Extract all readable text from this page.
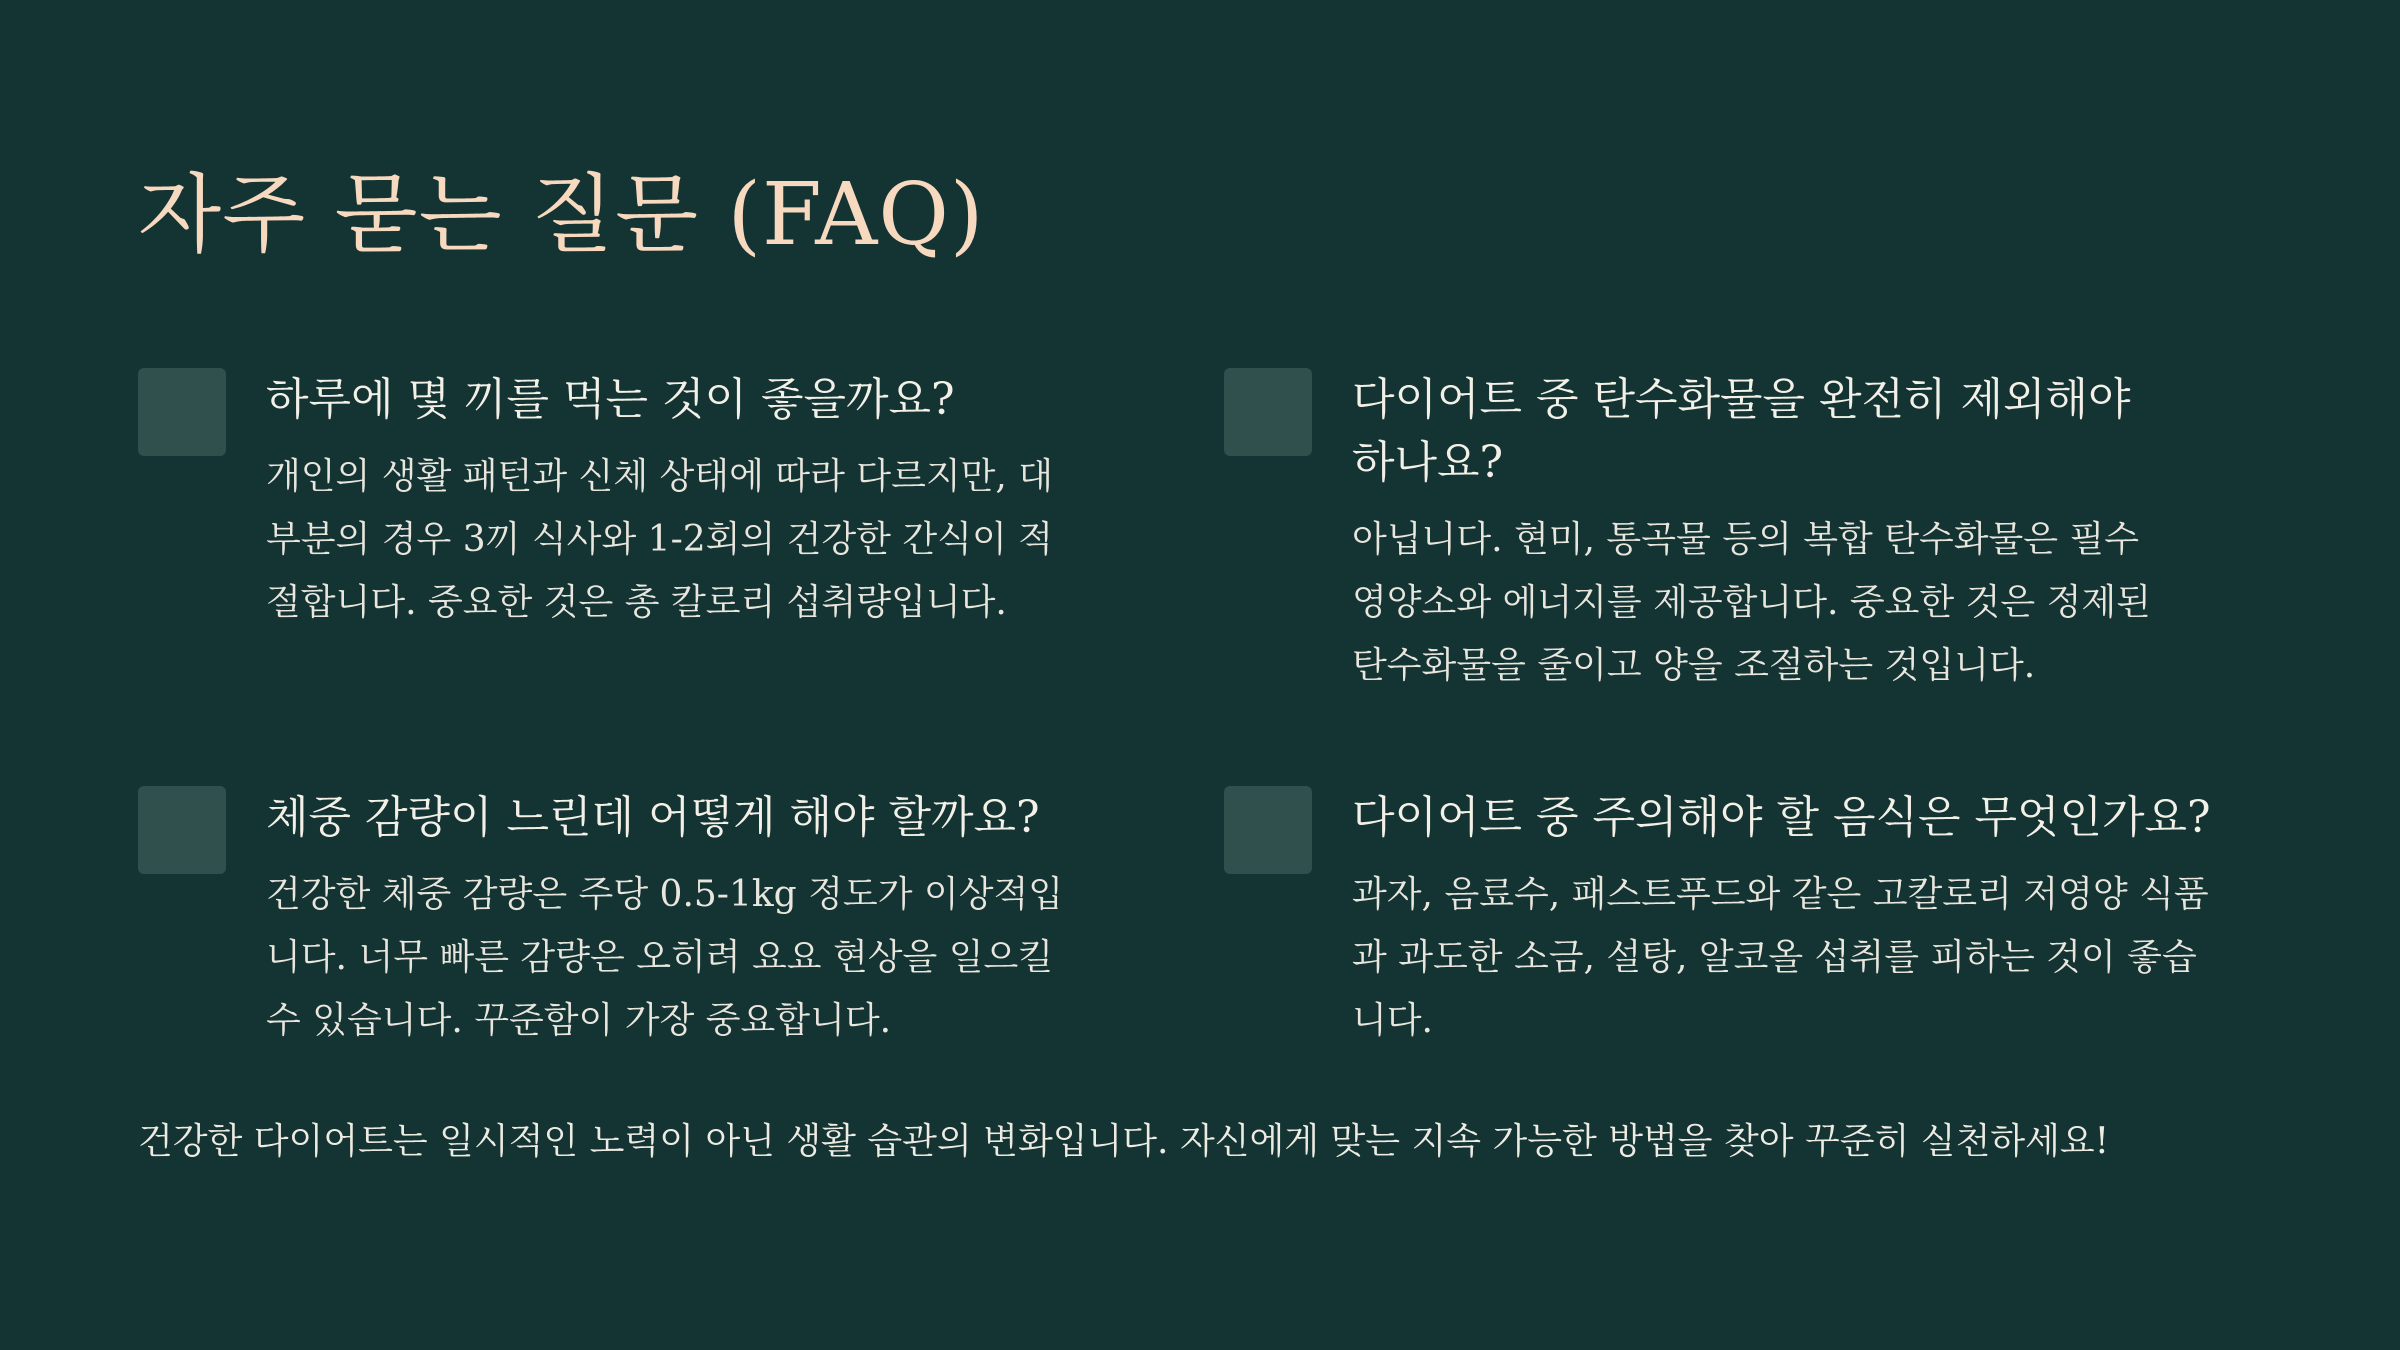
자주 묻는 질문 (FAQ)
하루에 몇 끼를 먹는 것이 좋을까요?

개인의 생활 패턴과 신체 상태에 따라 다르지만, 대부분의 경우 3끼 식사와 1-2회의 건강한 간식이 적절합니다. 중요한 것은 총 칼로리 섭취량입니다.

다이어트 중 탄수화물을 완전히 제외해야 하나요?

아닙니다. 현미, 통곡물 등의 복합 탄수화물은 필수 영양소와 에너지를 제공합니다. 중요한 것은 정제된 탄수화물을 줄이고 양을 조절하는 것입니다.

체중 감량이 느린데 어떻게 해야 할까요?

건강한 체중 감량은 주당 0.5-1kg 정도가 이상적입니다. 너무 빠른 감량은 오히려 요요 현상을 일으킬 수 있습니다. 꾸준함이 가장 중요합니다.

다이어트 중 주의해야 할 음식은 무엇인가요?

과자, 음료수, 패스트푸드와 같은 고칼로리 저영양 식품과 과도한 소금, 설탕, 알코올 섭취를 피하는 것이 좋습니다.

건강한 다이어트는 일시적인 노력이 아닌 생활 습관의 변화입니다. 자신에게 맞는 지속 가능한 방법을 찾아 꾸준히 실천하세요!
